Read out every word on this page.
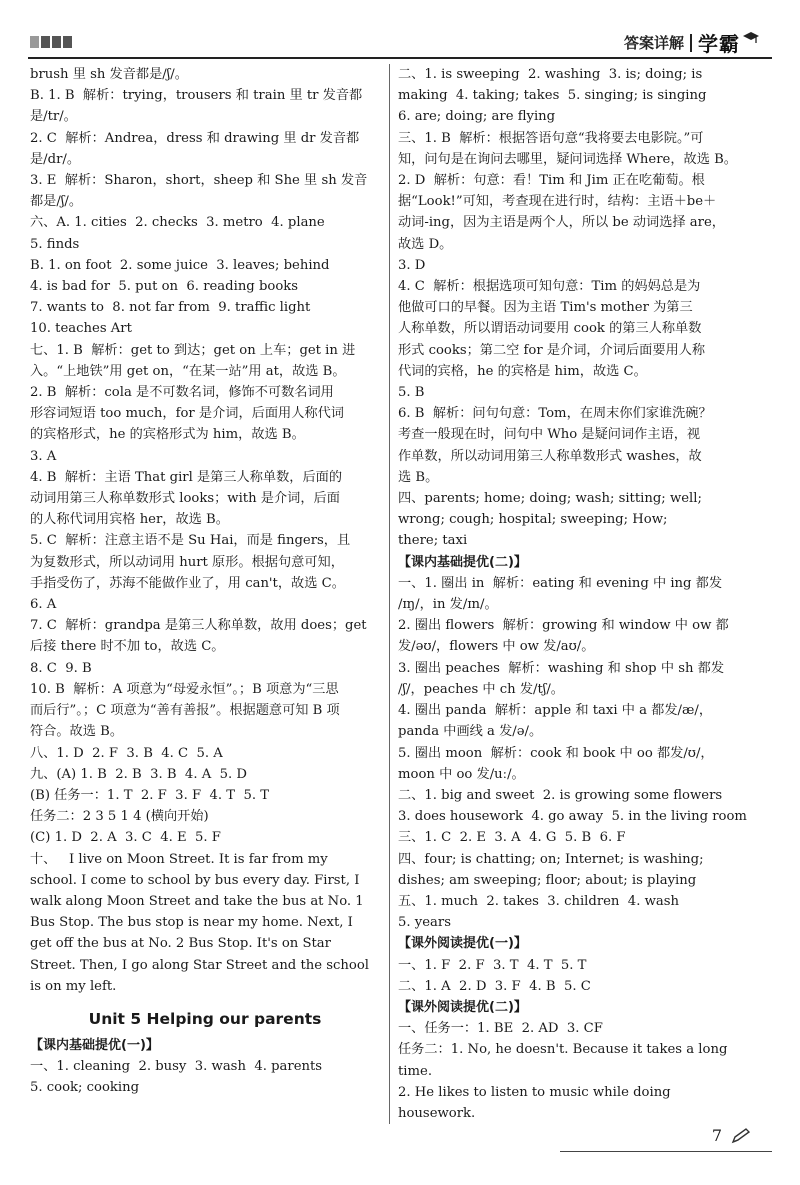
答案详解 学霸
brush 里 sh 发音都是/ʃ/。
B. 1. B  解析：trying，trousers 和 train 里 tr 发音都
是/tr/。
2. C  解析：Andrea，dress 和 drawing 里 dr 发音都
是/dr/。
3. E  解析：Sharon，short，sheep 和 She 里 sh 发音
都是/ʃ/。
六、A. 1. cities  2. checks  3. metro  4. plane
5. finds
B. 1. on foot  2. some juice  3. leaves; behind
4. is bad for  5. put on  6. reading books
7. wants to  8. not far from  9. traffic light
10. teaches Art
七、1. B  解析：get to 到达；get on 上车；get in 进
入。“上地铁”用 get on，“在某一站”用 at，故选 B。
2. B  解析：cola 是不可数名词，修饰不可数名词用
形容词短语 too much，for 是介词，后面用人称代词
的宾格形式，he 的宾格形式为 him，故选 B。
3. A
4. B  解析：主语 That girl 是第三人称单数，后面的
动词用第三人称单数形式 looks；with 是介词，后面
的人称代词用宾格 her，故选 B。
5. C  解析：注意主语不是 Su Hai，而是 fingers，且
为复数形式，所以动词用 hurt 原形。根据句意可知，
手指受伤了，苏海不能做作业了，用 can't，故选 C。
6. A
7. C  解析：grandpa 是第三人称单数，故用 does；get
后接 there 时不加 to，故选 C。
8. C  9. B
10. B  解析：A 项意为“母爱永恒”。；B 项意为“三思
而后行”。；C 项意为“善有善报”。根据题意可知 B 项
符合。故选 B。
八、1. D  2. F  3. B  4. C  5. A
九、(A) 1. B  2. B  3. B  4. A  5. D
(B) 任务一：1. T  2. F  3. F  4. T  5. T
任务二：2 3 5 1 4 (横向开始)
(C) 1. D  2. A  3. C  4. E  5. F
十、   I live on Moon Street. It is far from my
school. I come to school by bus every day. First, I
walk along Moon Street and take the bus at No. 1
Bus Stop. The bus stop is near my home. Next, I
get off the bus at No. 2 Bus Stop. It's on Star
Street. Then, I go along Star Street and the school
is on my left.
Unit 5 Helping our parents
【课内基础提优(一)】
一、1. cleaning  2. busy  3. wash  4. parents
5. cook; cooking
二、1. is sweeping  2. washing  3. is; doing; is
making  4. taking; takes  5. singing; is singing
6. are; doing; are flying
三、1. B  解析：根据答语句意“我将要去电影院。”可
知，问句是在询问去哪里，疑问词选择 Where，故选 B。
2. D  解析：句意：看！Tim 和 Jim 正在吃葡萄。根
据“Look!”可知，考查现在进行时，结构：主语＋be＋
动词-ing，因为主语是两个人，所以 be 动词选择 are，
故选 D。
3. D
4. C  解析：根据选项可知句意：Tim 的妈妈总是为
他做可口的早餐。因为主语 Tim's mother 为第三
人称单数，所以谓语动词要用 cook 的第三人称单数
形式 cooks；第二空 for 是介词，介词后面要用人称
代词的宾格，he 的宾格是 him，故选 C。
5. B
6. B  解析：问句句意：Tom，在周末你们家谁洗碗？
考查一般现在时，问句中 Who 是疑问词作主语，视
作单数，所以动词用第三人称单数形式 washes，故
选 B。
四、parents; home; doing; wash; sitting; well;
wrong; cough; hospital; sweeping; How;
there; taxi
【课内基础提优(二)】
一、1. 圈出 in  解析：eating 和 evening 中 ing 都发
/ɪŋ/，in 发/ɪn/。
2. 圈出 flowers  解析：growing 和 window 中 ow 都
发/əʊ/，flowers 中 ow 发/aʊ/。
3. 圈出 peaches  解析：washing 和 shop 中 sh 都发
/ʃ/，peaches 中 ch 发/tʃ/。
4. 圈出 panda  解析：apple 和 taxi 中 a 都发/æ/，
panda 中画线 a 发/ə/。
5. 圈出 moon  解析：cook 和 book 中 oo 都发/ʊ/，
moon 中 oo 发/uː/。
二、1. big and sweet  2. is growing some flowers
3. does housework  4. go away  5. in the living room
三、1. C  2. E  3. A  4. G  5. B  6. F
四、four; is chatting; on; Internet; is washing;
dishes; am sweeping; floor; about; is playing
五、1. much  2. takes  3. children  4. wash
5. years
【课外阅读提优(一)】
一、1. F  2. F  3. T  4. T  5. T
二、1. A  2. D  3. F  4. B  5. C
【课外阅读提优(二)】
一、任务一：1. BE  2. AD  3. CF
任务二：1. No, he doesn't. Because it takes a long
time.
2. He likes to listen to music while doing housework.
7
